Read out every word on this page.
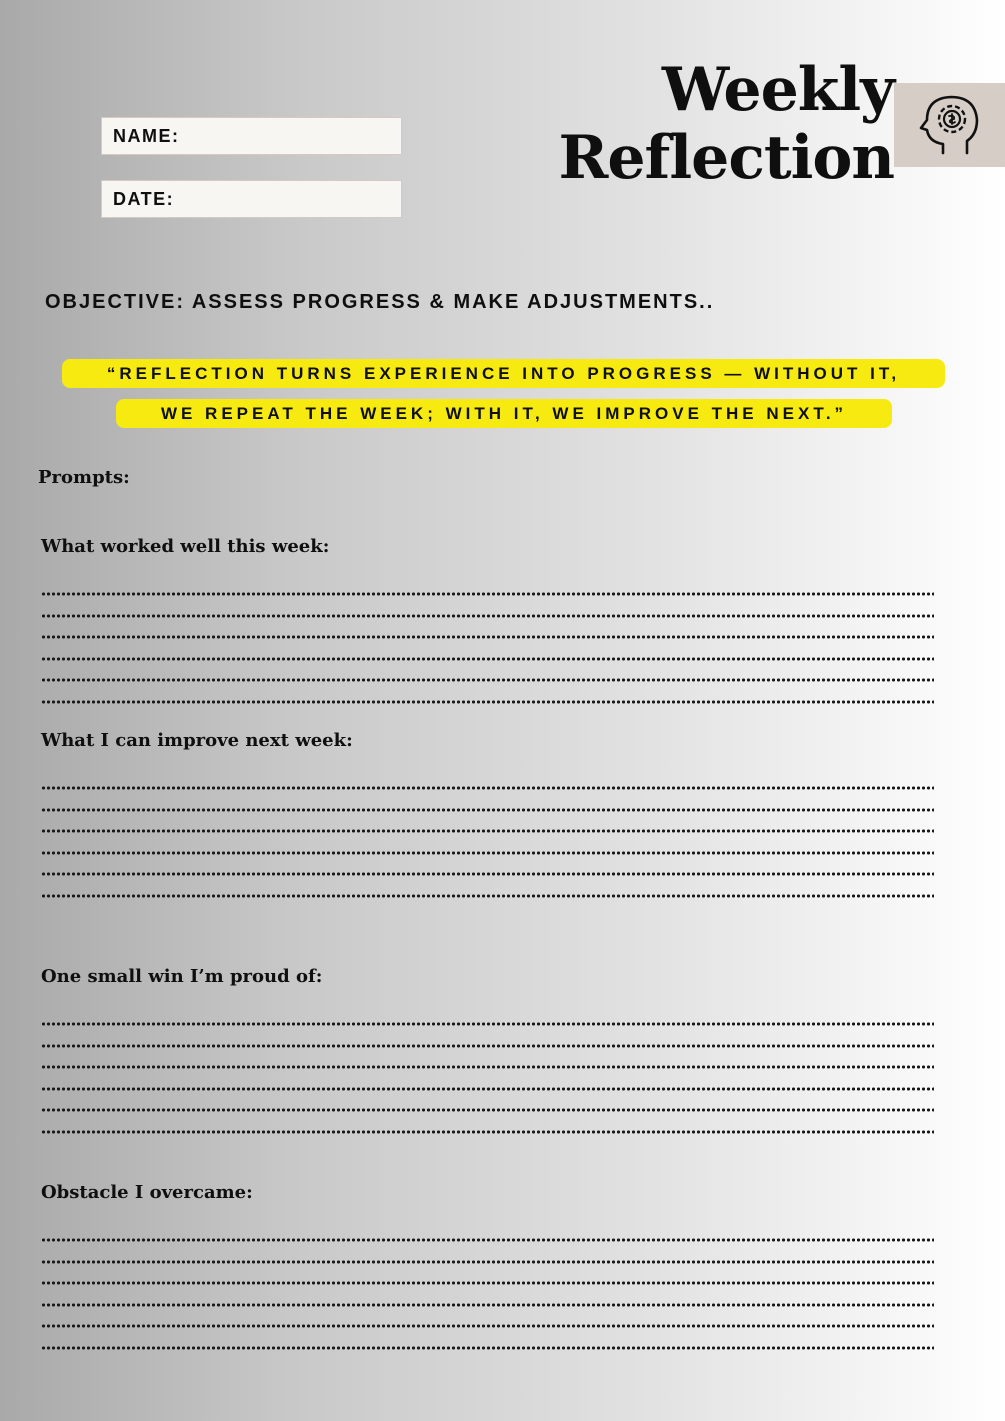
NAME:
DATE:
Weekly
Reflection
OBJECTIVE: ASSESS PROGRESS & MAKE ADJUSTMENTS..
“REFLECTION TURNS EXPERIENCE INTO PROGRESS — WITHOUT IT,
WE REPEAT THE WEEK; WITH IT, WE IMPROVE THE NEXT.”
Prompts:
What worked well this week:
What I can improve next week:
One small win I’m proud of:
Obstacle I overcame:
